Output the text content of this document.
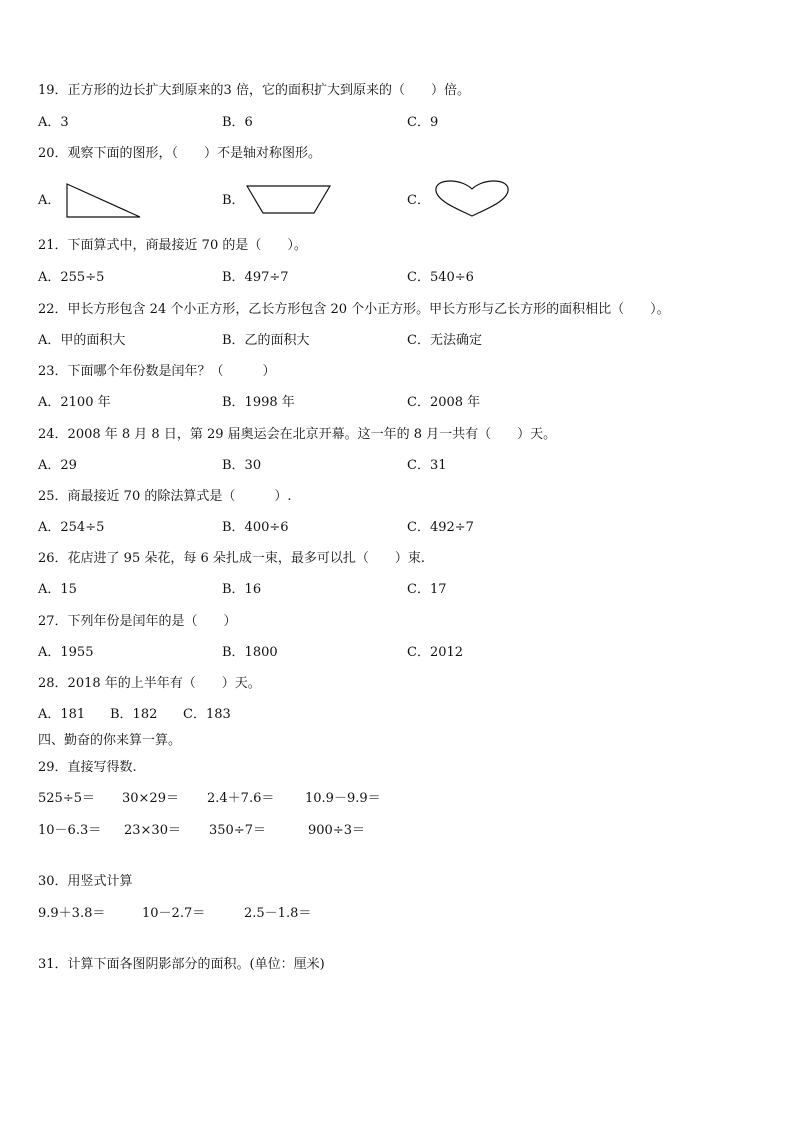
19．正方形的边长扩大到原来的3 倍，它的面积扩大到原来的（　　）倍。
A．3	B．6	C．9
20．观察下面的图形，（　　）不是轴对称图形。
A．	B．	C．
21．下面算式中，商最接近 70 的是（　　）。
A．255÷5	B．497÷7	C．540÷6
22．甲长方形包含 24 个小正方形，乙长方形包含 20 个小正方形。甲长方形与乙长方形的面积相比（　　）。
A．甲的面积大	B．乙的面积大	C．无法确定
23．下面哪个年份数是闰年？（　　　）
A．2100 年	B．1998 年	C．2008 年
24．2008 年 8 月 8 日，第 29 届奥运会在北京开幕。这一年的 8 月一共有（　　）天。
A．29	B．30	C．31
25．商最接近 70 的除法算式是（　　　）.
A．254÷5	B．400÷6	C．492÷7
26．花店进了 95 朵花，每 6 朵扎成一束，最多可以扎（　　）束.
A．15	B．16	C．17
27．下列年份是闰年的是（　　）
A．1955	B．1800	C．2012
28．2018 年的上半年有（　　）天。
A．181 B．182 C．183
四、勤奋的你来算一算。
29．直接写得数.
525÷5＝ 30×29＝ 2.4＋7.6＝ 10.9－9.9＝
10－6.3＝ 23×30＝ 350÷7＝	900÷3＝
30．用竖式计算
9.9＋3.8＝	10－2.7＝	2.5－1.8＝
31．计算下面各图阴影部分的面积。(单位：厘米)
